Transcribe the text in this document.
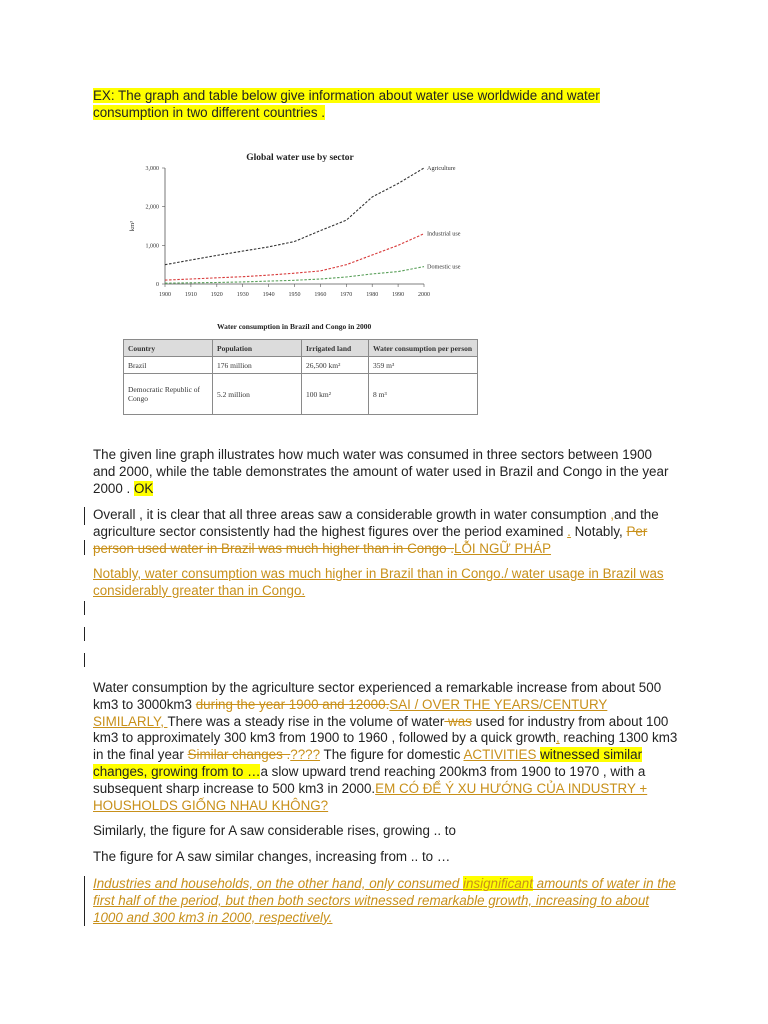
EX: The graph and table below give information about water use worldwide and water consumption in two different countries .

Global water use by sector
km³
0
1,000
2,000
3,000
1900 1910 1920 1930 1940 1950 1960 1970 1980 1990 2000
Agriculture
Industrial use
Domestic use
Water consumption in Brazil and Congo in 2000
Country	Population	Irrigated land	Water consumption per person
Brazil	176 million	26,500 km²	359 m³
Democratic Republic of Congo	5.2 million	100 km²	8 m³

The given line graph illustrates how much water was consumed in three sectors between 1900 and 2000, while the table demonstrates the amount of water used in Brazil and Congo in the year 2000 . OK

Overall , it is clear that all three areas saw a considerable growth in water consumption ,and the agriculture sector consistently had the highest figures over the period examined . Notably, Per person used water in Brazil was much higher than in Congo .LỖI NGỮ PHÁP

Notably, water consumption was much higher in Brazil than in Congo./ water usage in Brazil was considerably greater than in Congo.

Water consumption by the agriculture sector experienced a remarkable increase from about 500 km3 to 3000km3 during the year 1900 and 12000.SAI / OVER THE YEARS/CENTURY SIMILARLY, There was a steady rise in the volume of water was used for industry from about 100 km3 to approximately 300 km3 from 1900 to 1960 , followed by a quick growth, reaching 1300 km3 in the final year Similar changes .???? The figure for domestic ACTIVITIES witnessed similar changes, growing from to …a slow upward trend reaching 200km3 from 1900 to 1970 , with a subsequent sharp increase to 500 km3 in 2000.EM CÓ ĐỂ Ý XU HƯỚNG CỦA INDUSTRY + HOUSHOLDS GIỐNG NHAU KHÔNG?

Similarly, the figure for A saw considerable rises, growing .. to

The figure for A saw similar changes, increasing from .. to …

Industries and households, on the other hand, only consumed insignificant amounts of water in the first half of the period, but then both sectors witnessed remarkable growth, increasing to about 1000 and 300 km3 in 2000, respectively.
